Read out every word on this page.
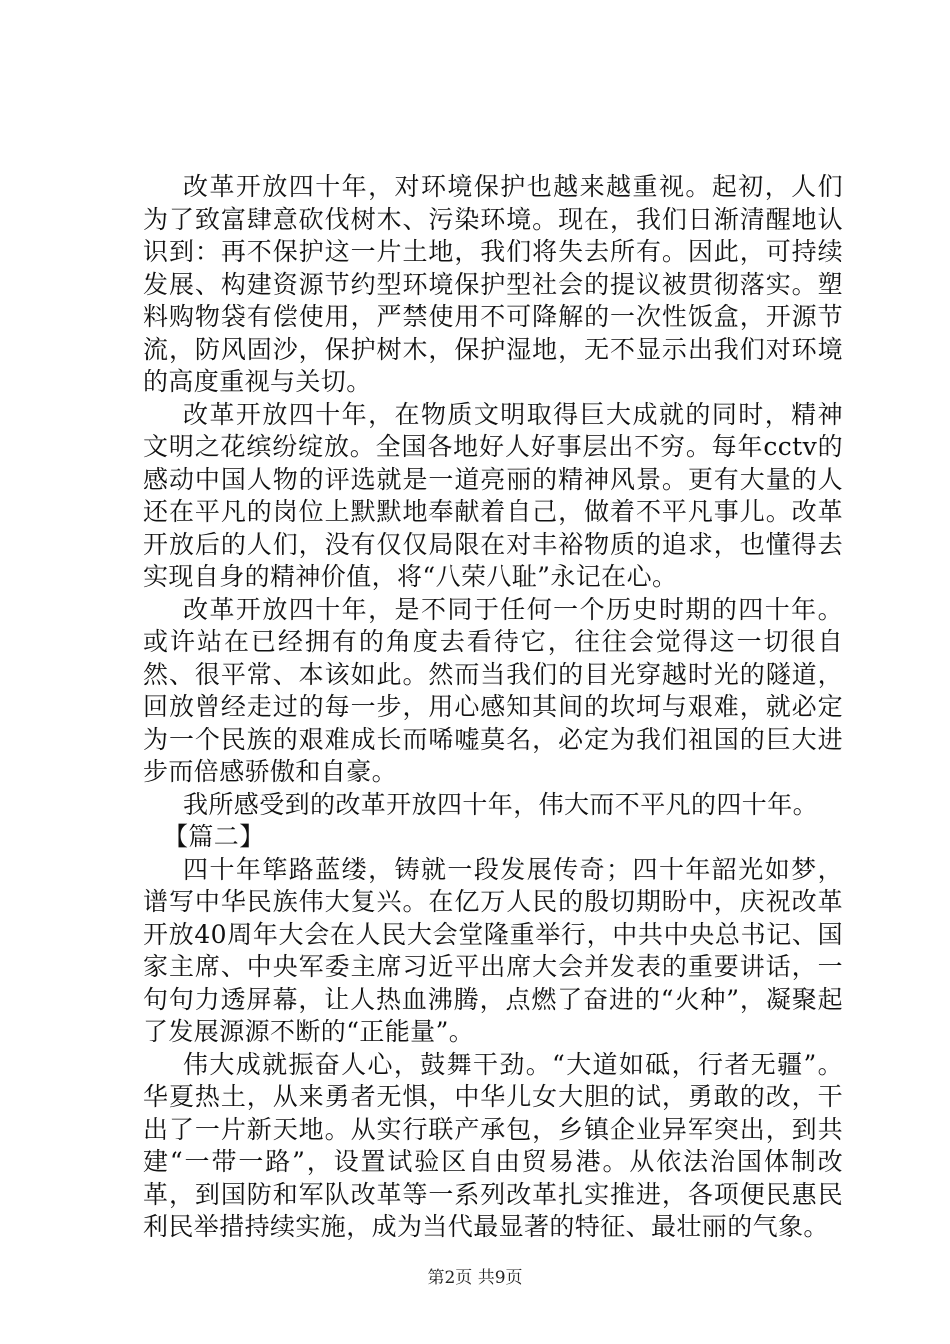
改革开放四十年，对环境保护也越来越重视。起初，人们为了致富肆意砍伐树木、污染环境。现在，我们日渐清醒地认识到：再不保护这一片土地，我们将失去所有。因此，可持续发展、构建资源节约型环境保护型社会的提议被贯彻落实。塑料购物袋有偿使用，严禁使用不可降解的一次性饭盒，开源节流，防风固沙，保护树木，保护湿地，无不显示出我们对环境的高度重视与关切。

改革开放四十年，在物质文明取得巨大成就的同时，精神文明之花缤纷绽放。全国各地好人好事层出不穷。每年cctv的感动中国人物的评选就是一道亮丽的精神风景。更有大量的人还在平凡的岗位上默默地奉献着自己，做着不平凡事儿。改革开放后的人们，没有仅仅局限在对丰裕物质的追求，也懂得去实现自身的精神价值，将“八荣八耻”永记在心。

改革开放四十年，是不同于任何一个历史时期的四十年。或许站在已经拥有的角度去看待它，往往会觉得这一切很自然、很平常、本该如此。然而当我们的目光穿越时光的隧道，回放曾经走过的每一步，用心感知其间的坎坷与艰难，就必定为一个民族的艰难成长而唏嘘莫名，必定为我们祖国的巨大进步而倍感骄傲和自豪。

我所感受到的改革开放四十年，伟大而不平凡的四十年。

【篇二】

四十年筚路蓝缕，铸就一段发展传奇；四十年韶光如梦，谱写中华民族伟大复兴。在亿万人民的殷切期盼中，庆祝改革开放40周年大会在人民大会堂隆重举行，中共中央总书记、国家主席、中央军委主席习近平出席大会并发表的重要讲话，一句句力透屏幕，让人热血沸腾，点燃了奋进的“火种”，凝聚起了发展源源不断的“正能量”。

伟大成就振奋人心，鼓舞干劲。“大道如砥，行者无疆”。华夏热土，从来勇者无惧，中华儿女大胆的试，勇敢的改，干出了一片新天地。从实行联产承包，乡镇企业异军突出，到共建“一带一路”，设置试验区自由贸易港。从依法治国体制改革，到国防和军队改革等一系列改革扎实推进，各项便民惠民利民举措持续实施，成为当代最显著的特征、最壮丽的气象。

第2页 共9页
